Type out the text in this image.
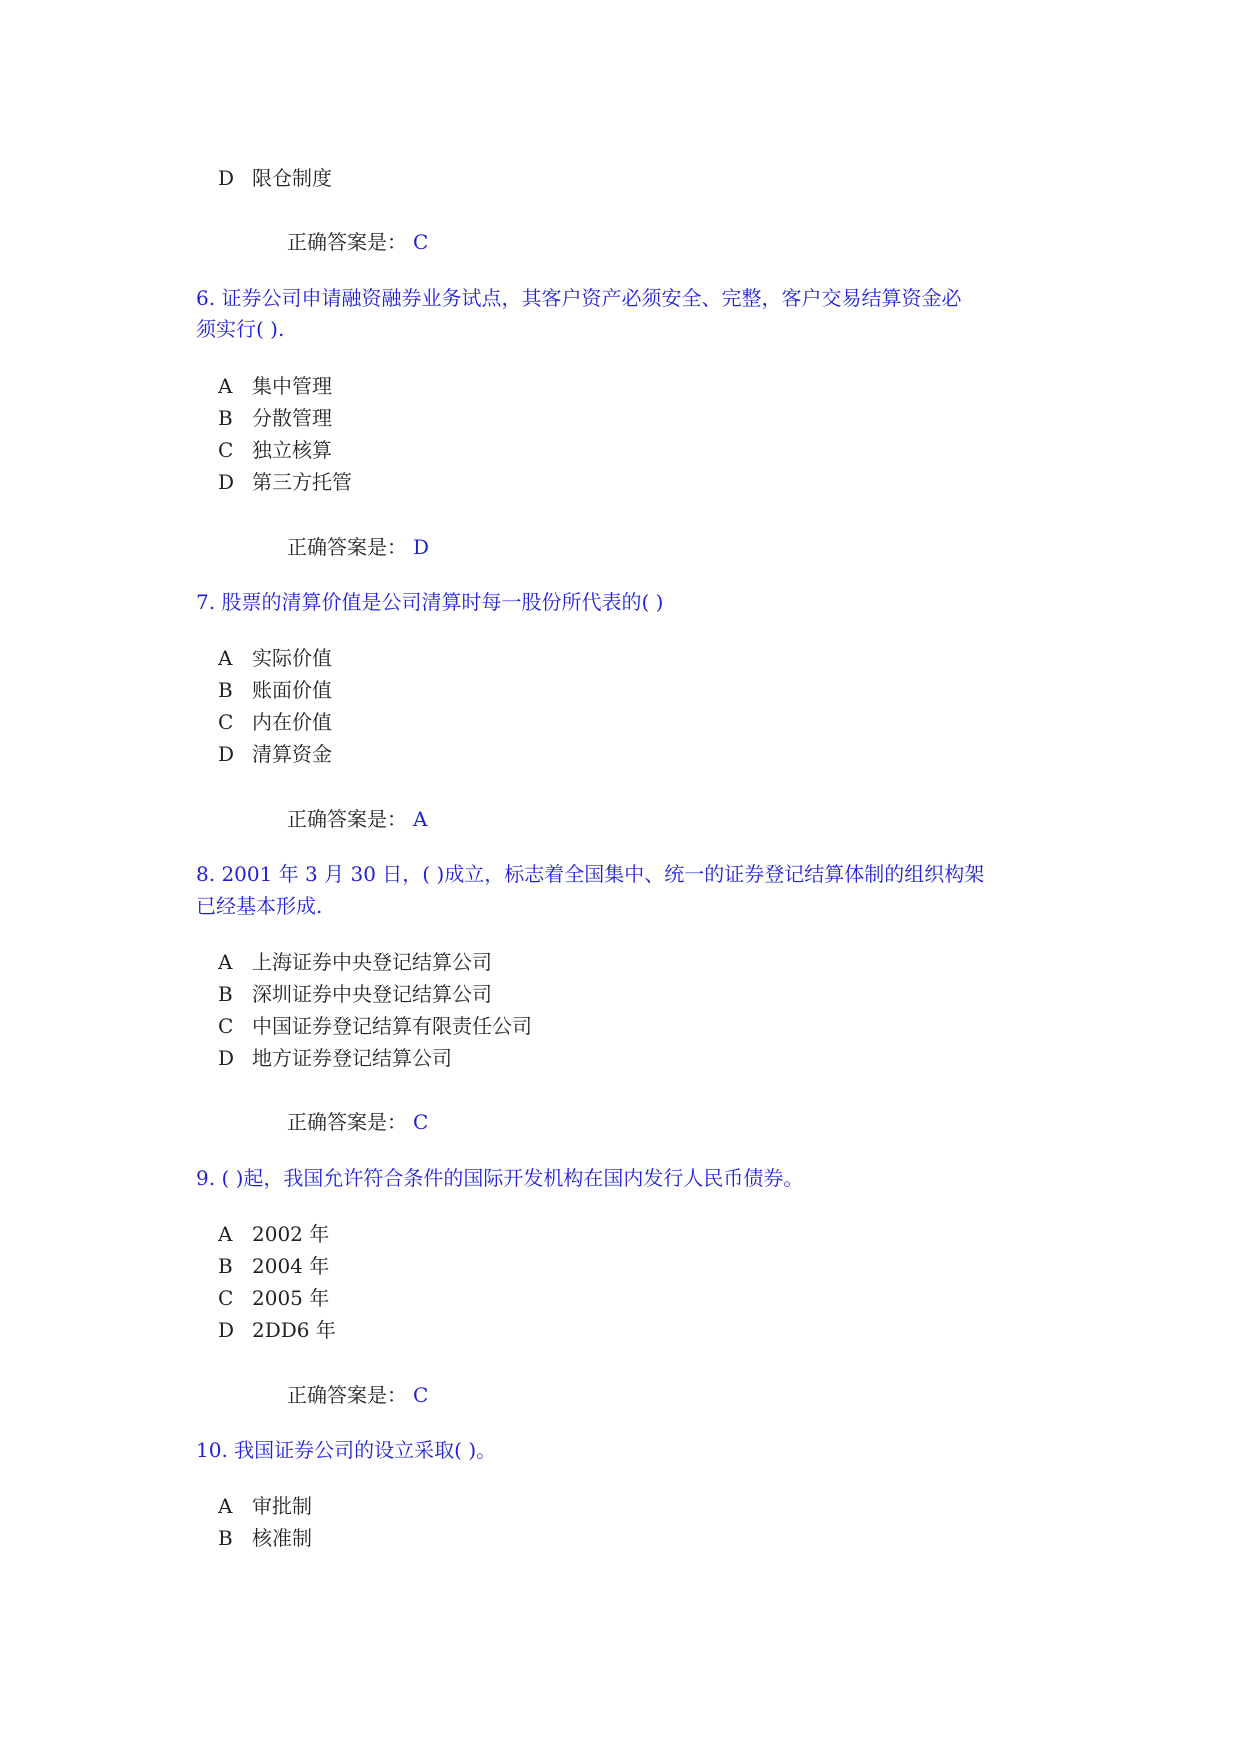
D 限仓制度
正确答案是： C
6. 证券公司申请融资融券业务试点，其客户资产必须安全、完整，客户交易结算资金必
须实行( ).
A 集中管理
B 分散管理
C 独立核算
D 第三方托管
正确答案是： D
7. 股票的清算价值是公司清算时每一股份所代表的( )
A 实际价值
B 账面价值
C 内在价值
D 清算资金
正确答案是： A
8. 2001 年 3 月 30 日，( )成立，标志着全国集中、统一的证券登记结算体制的组织构架
已经基本形成.
A 上海证券中央登记结算公司
B 深圳证券中央登记结算公司
C 中国证券登记结算有限责任公司
D 地方证券登记结算公司
正确答案是： C
9. ( )起，我国允许符合条件的国际开发机构在国内发行人民币债券。
A 2002 年
B 2004 年
C 2005 年
D 2DD6 年
正确答案是： C
10. 我国证券公司的设立采取( )。
A 审批制
B 核准制
